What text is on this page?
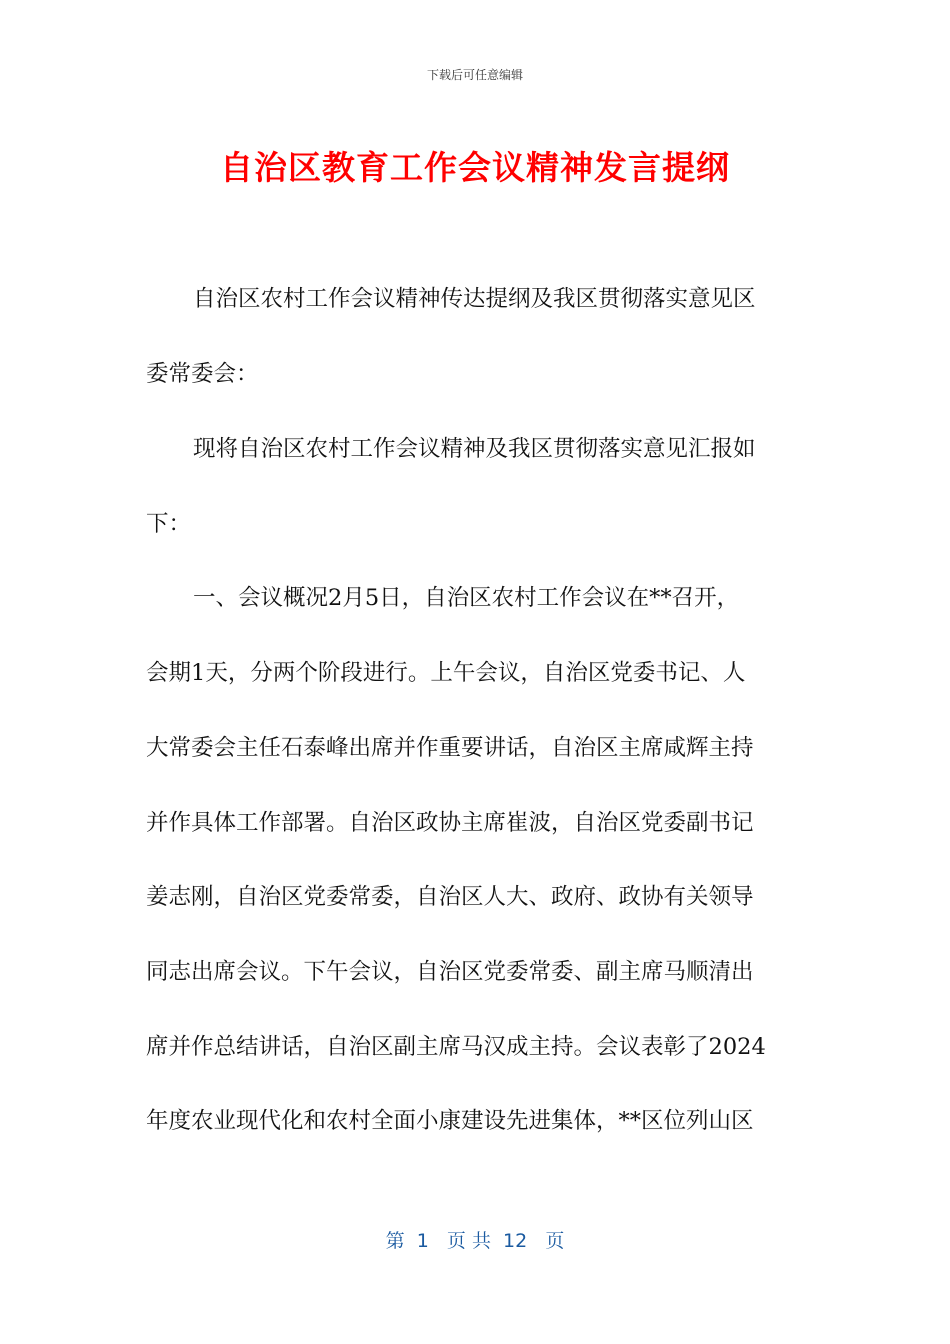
下载后可任意编辑
自治区教育工作会议精神发言提纲
自治区农村工作会议精神传达提纲及我区贯彻落实意见区
委常委会：
现将自治区农村工作会议精神及我区贯彻落实意见汇报如
下：
一、会议概况2月5日，自治区农村工作会议在**召开，
会期1天，分两个阶段进行。上午会议，自治区党委书记、人
大常委会主任石泰峰出席并作重要讲话，自治区主席咸辉主持
并作具体工作部署。自治区政协主席崔波，自治区党委副书记
姜志刚，自治区党委常委，自治区人大、政府、政协有关领导
同志出席会议。下午会议，自治区党委常委、副主席马顺清出
席并作总结讲话，自治区副主席马汉成主持。会议表彰了2024
年度农业现代化和农村全面小康建设先进集体，**区位列山区
第  1   页 共  12   页
